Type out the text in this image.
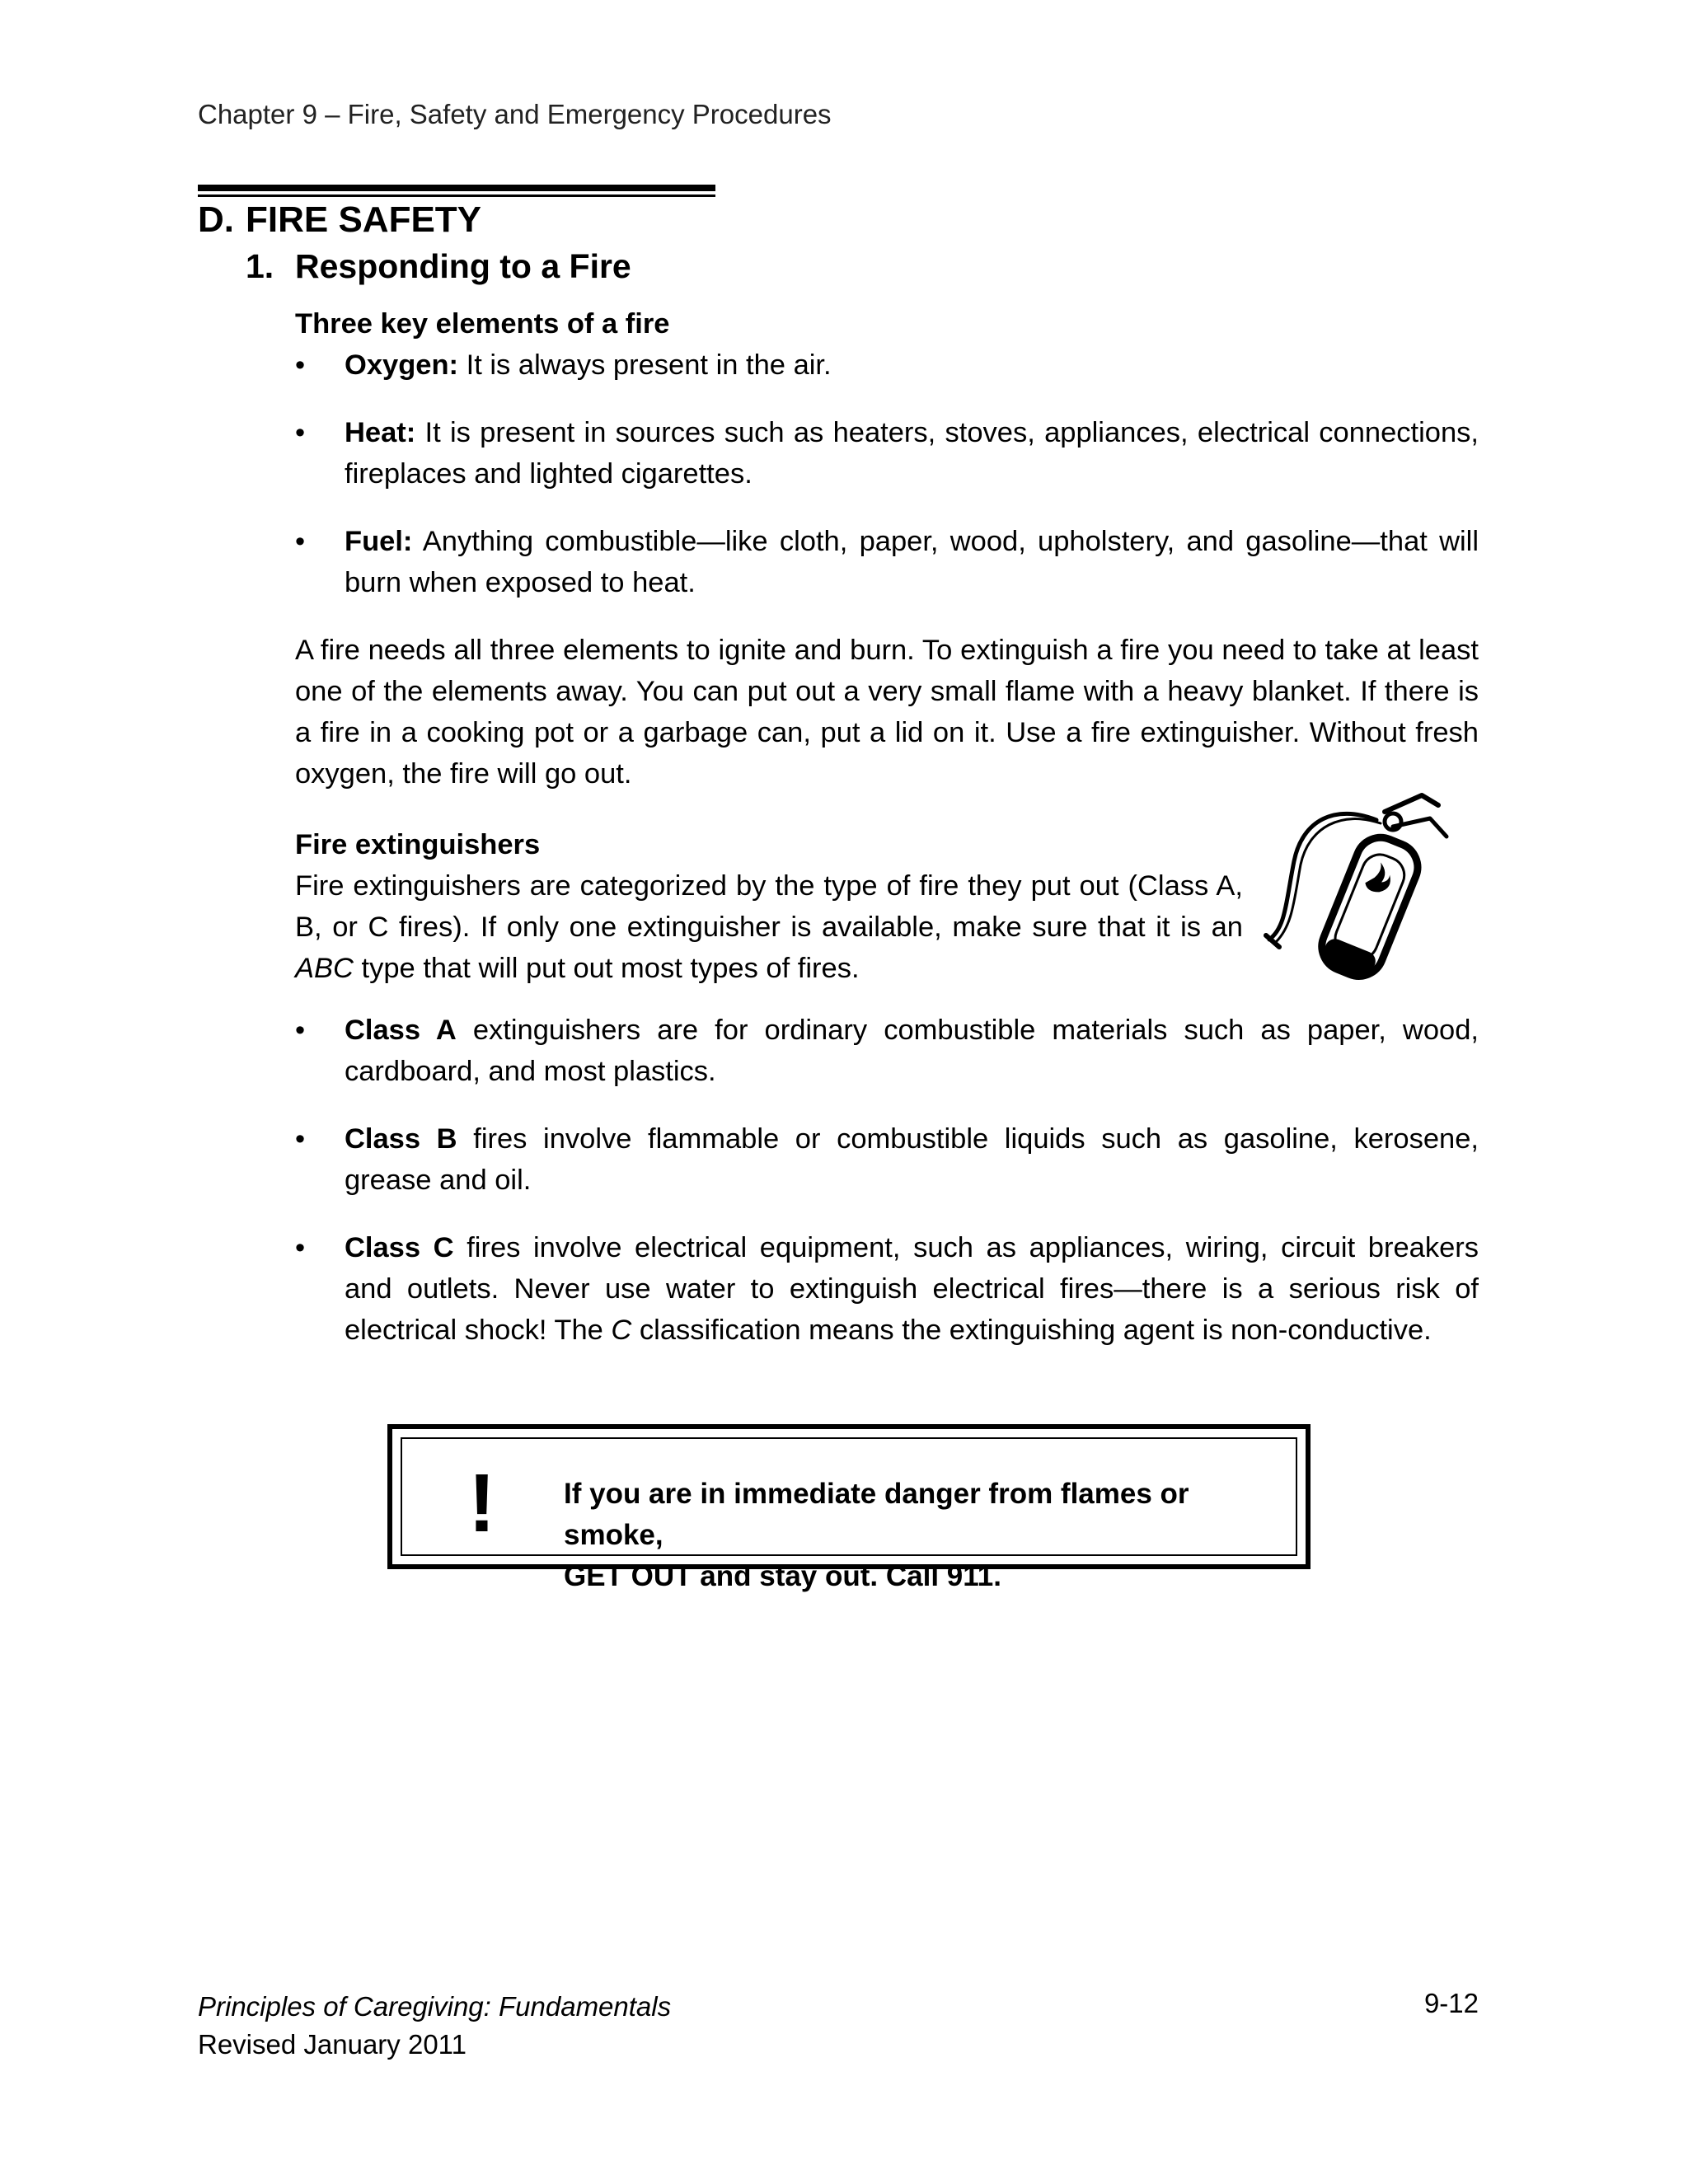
Chapter 9 – Fire, Safety and Emergency Procedures
D. FIRE SAFETY
1. Responding to a Fire
Three key elements of a fire
• Oxygen: It is always present in the air.
• Heat: It is present in sources such as heaters, stoves, appliances, electrical connections, fireplaces and lighted cigarettes.
• Fuel: Anything combustible—like cloth, paper, wood, upholstery, and gasoline—that will burn when exposed to heat.
A fire needs all three elements to ignite and burn. To extinguish a fire you need to take at least one of the elements away. You can put out a very small flame with a heavy blanket. If there is a fire in a cooking pot or a garbage can, put a lid on it. Use a fire extinguisher. Without fresh oxygen, the fire will go out.
Fire extinguishers
Fire extinguishers are categorized by the type of fire they put out (Class A, B, or C fires). If only one extinguisher is available, make sure that it is an ABC type that will put out most types of fires.
• Class A extinguishers are for ordinary combustible materials such as paper, wood, cardboard, and most plastics.
• Class B fires involve flammable or combustible liquids such as gasoline, kerosene, grease and oil.
• Class C fires involve electrical equipment, such as appliances, wiring, circuit breakers and outlets. Never use water to extinguish electrical fires—there is a serious risk of electrical shock! The C classification means the extinguishing agent is non-conductive.
! If you are in immediate danger from flames or smoke,
GET OUT and stay out. Call 911.
Principles of Caregiving: Fundamentals
Revised January 2011
9-12
